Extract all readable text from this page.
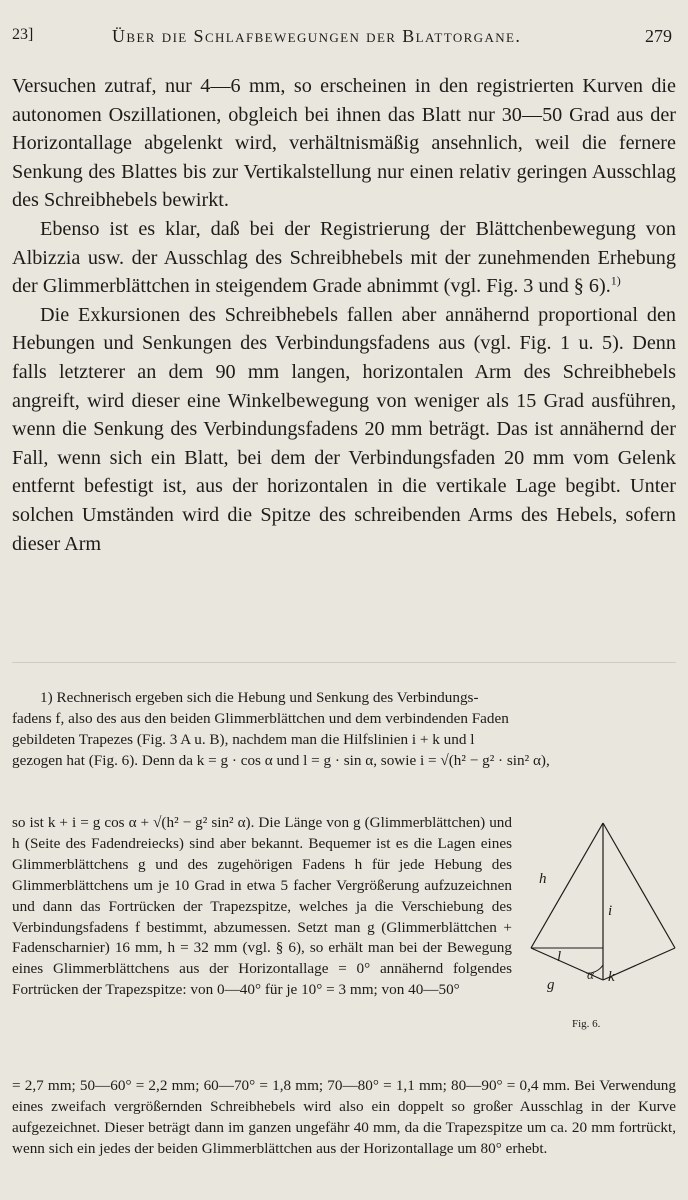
23]	Über die Schlafbewegungen der Blattorgane.	279

Versuchen zutraf, nur 4—6 mm, so erscheinen in den registrierten Kurven die autonomen Oszillationen, obgleich bei ihnen das Blatt nur 30—50 Grad aus der Horizontallage abgelenkt wird, verhältnismäßig ansehnlich, weil die fernere Senkung des Blattes bis zur Vertikalstellung nur einen relativ geringen Ausschlag des Schreibhebels bewirkt.

Ebenso ist es klar, daß bei der Registrierung der Blättchenbewegung von Albizzia usw. der Ausschlag des Schreibhebels mit der zunehmenden Erhebung der Glimmerblättchen in steigendem Grade abnimmt (vgl. Fig. 3 und § 6).$^{1)}$

Die Exkursionen des Schreibhebels fallen aber annähernd proportional den Hebungen und Senkungen des Verbindungsfadens aus (vgl. Fig. 1 u. 5). Denn falls letzterer an dem 90 mm langen, horizontalen Arm des Schreibhebels angreift, wird dieser eine Winkelbewegung von weniger als 15 Grad ausführen, wenn die Senkung des Verbindungsfadens 20 mm beträgt. Das ist annähernd der Fall, wenn sich ein Blatt, bei dem der Verbindungsfaden 20 mm vom Gelenk entfernt befestigt ist, aus der horizontalen in die vertikale Lage begibt. Unter solchen Umständen wird die Spitze des schreibenden Arms des Hebels, sofern dieser Arm

1) Rechnerisch ergeben sich die Hebung und Senkung des Verbindungs-
fadens f, also des aus den beiden Glimmerblättchen und dem verbindenden Faden
gebildeten Trapezes (Fig. 3 A u. B), nachdem man die Hilfslinien i + k und l
gezogen hat (Fig. 6). Denn da k = g · cos α und l = g · sin α, sowie i = √(h² − g² · sin² α),
so ist k + i = g cos α + √(h² − g² sin² α). Die Länge von g (Glimmerblättchen) und h (Seite des Fadendreiecks) sind aber bekannt. Bequemer ist es die Lagen eines Glimmerblättchens g und des zugehörigen Fadens h für jede Hebung des Glimmerblättchens um je 10 Grad in etwa 5 facher Vergrößerung aufzuzeichnen und dann das Fortrücken der Trapezspitze, welches ja die Verschiebung des Verbindungsfadens f bestimmt, abzumessen. Setzt man g (Glimmerblättchen + Fadenscharnier) 16 mm, h = 32 mm (vgl. § 6), so erhält man bei der Bewegung eines Glimmerblättchens aus der Horizontallage = 0° annähernd folgendes Fortrücken der Trapezspitze: von 0—40° für je 10° = 3 mm; von 40—50°
h
i
l
g
α k
Fig. 6.
= 2,7 mm; 50—60° = 2,2 mm; 60—70° = 1,8 mm; 70—80° = 1,1 mm; 80—90° = 0,4 mm. Bei Verwendung eines zweifach vergrößernden Schreibhebels wird also ein doppelt so großer Ausschlag in der Kurve aufgezeichnet. Dieser beträgt dann im ganzen ungefähr 40 mm, da die Trapezspitze um ca. 20 mm fortrückt, wenn sich ein jedes der beiden Glimmerblättchen aus der Horizontallage um 80° erhebt.
